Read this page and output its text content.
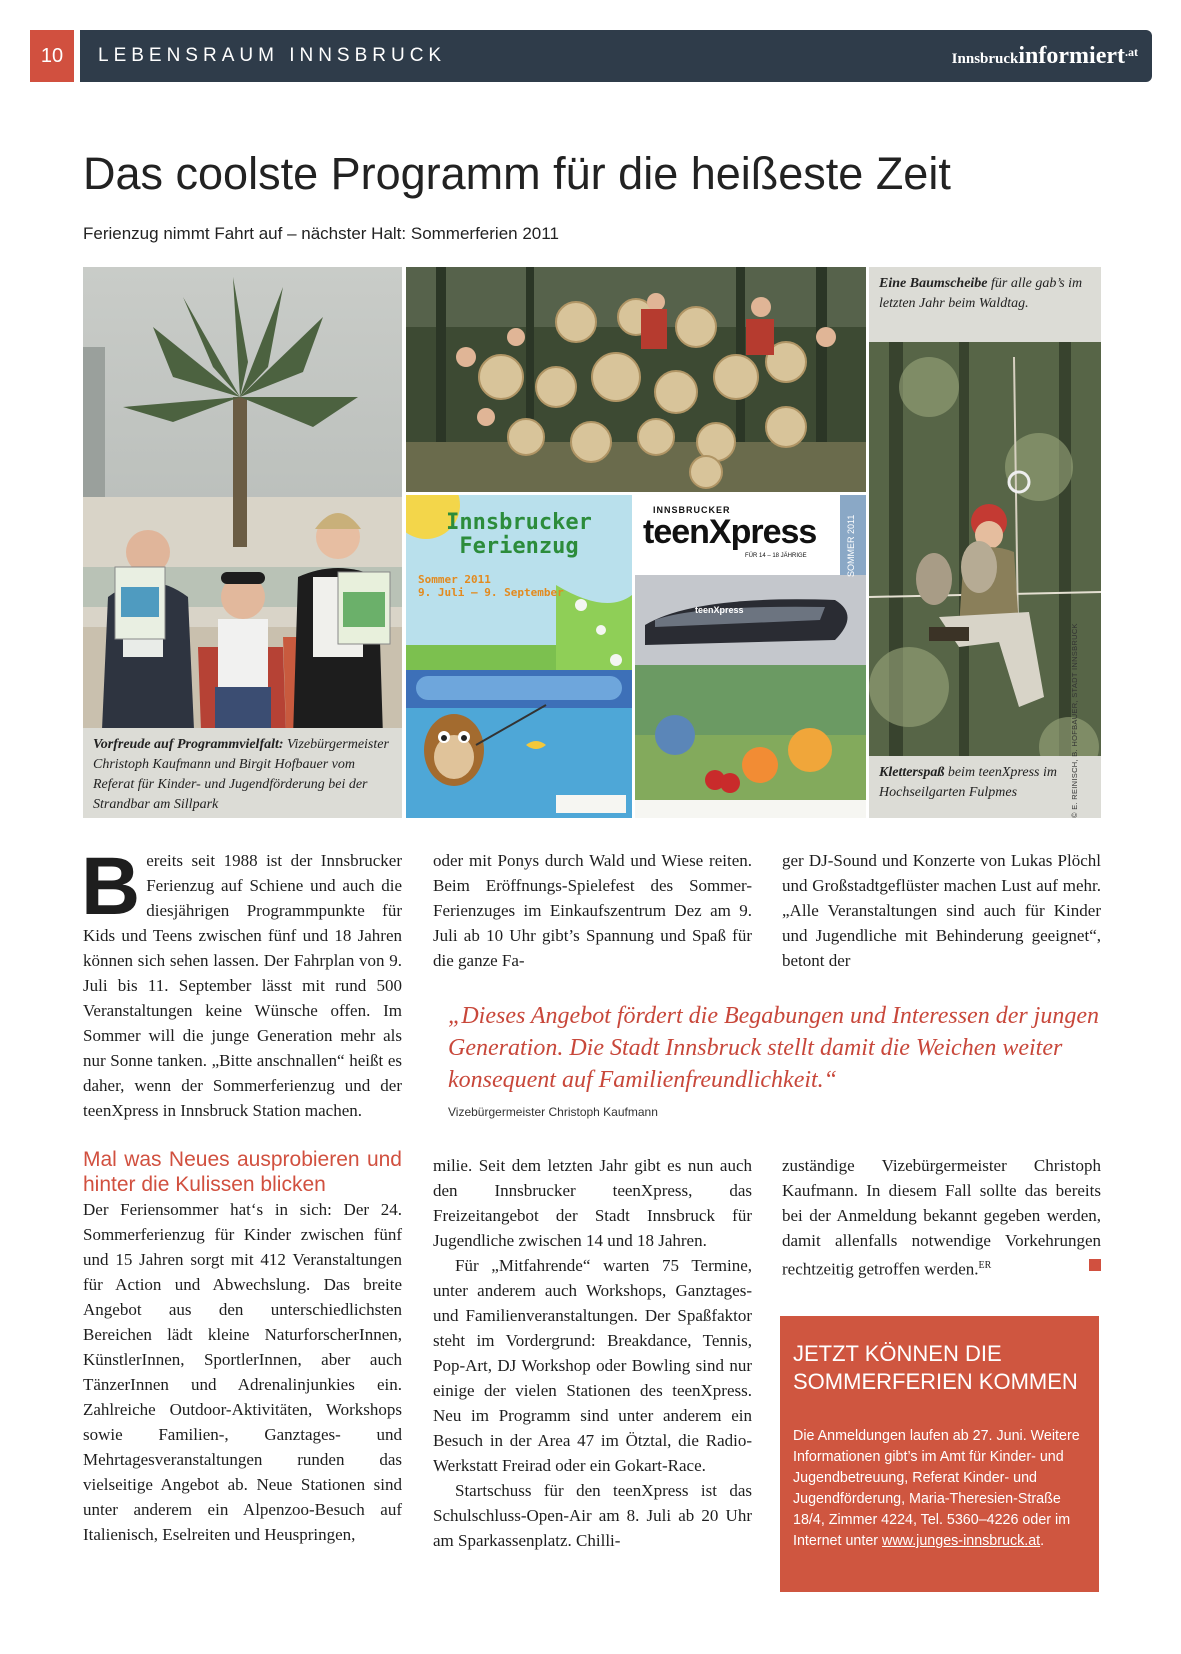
10	LEBENSRAUM INNSBRUCK	Innsbruckinformiert$^{.at}$
Das coolste Programm für die heißeste Zeit
Ferienzug nimmt Fahrt auf – nächster Halt: Sommerferien 2011
Vorfreude auf Programmvielfalt: Vizebürgermeister Christoph Kaufmann und Birgit Hofbauer vom Referat für Kinder- und Jugendförderung bei der Strandbar am Sillpark
Innsbrucker
Ferienzug
Sommer 2011
9. Juli – 9. September
INNSBRUCKER
teenXpress
FÜR 14 – 18 JÄHRIGE	SOMMER 2011
teenXpress
Eine Baumscheibe für alle gab’s im letzten Jahr beim Waldtag.
Kletterspaß beim teenXpress im Hochseilgarten Fulpmes	© E. REINISCH, B. HOFBAUER, STADT INNSBRUCK

Bereits seit 1988 ist der Innsbrucker Ferienzug auf Schiene und auch die diesjährigen Programmpunkte für Kids und Teens zwischen fünf und 18 Jahren können sich sehen lassen. Der Fahrplan von 9. Juli bis 11. September lässt mit rund 500 Veranstaltungen keine Wünsche offen. Im Sommer will die junge Generation mehr als nur Sonne tanken. „Bitte anschnallen“ heißt es daher, wenn der Sommerferienzug und der teenXpress in Innsbruck Station machen.

Mal was Neues ausprobieren und hinter die Kulissen blicken

Der Feriensommer hat‘s in sich: Der 24. Sommerferienzug für Kinder zwischen fünf und 15 Jahren sorgt mit 412 Veranstaltungen für Action und Abwechslung. Das breite Angebot aus den unterschiedlichsten Bereichen lädt kleine NaturforscherInnen, KünstlerInnen, SportlerInnen, aber auch TänzerInnen und Adrenalinjunkies ein. Zahlreiche Outdoor-Aktivitäten, Workshops sowie Familien-, Ganztages- und Mehrtagesveranstaltungen runden das vielseitige Angebot ab. Neue Stationen sind unter anderem ein Alpenzoo-Besuch auf Italienisch, Eselreiten und Heuspringen,

oder mit Ponys durch Wald und Wiese reiten. Beim Eröffnungs-Spielefest des Sommer-Ferienzuges im Einkaufszentrum Dez am 9. Juli ab 10 Uhr gibt’s Spannung und Spaß für die ganze Fa-

ger DJ-Sound und Konzerte von Lukas Plöchl und Großstadtgeflüster machen Lust auf mehr. „Alle Veranstaltungen sind auch für Kinder und Jugendliche mit Behinderung geeignet“, betont der

„Dieses Angebot fördert die Begabungen und Interessen der jungen Generation. Die Stadt Innsbruck stellt damit die Weichen weiter konsequent auf Familienfreundlichkeit.“
Vizebürgermeister Christoph Kaufmann

milie. Seit dem letzten Jahr gibt es nun auch den Innsbrucker teenXpress, das Freizeitangebot der Stadt Innsbruck für Jugendliche zwischen 14 und 18 Jahren.

Für „Mitfahrende“ warten 75 Termine, unter anderem auch Workshops, Ganztages- und Familienveranstaltungen. Der Spaßfaktor steht im Vordergrund: Breakdance, Tennis, Pop-Art, DJ Workshop oder Bowling sind nur einige der vielen Stationen des teenXpress. Neu im Programm sind unter anderem ein Besuch in der Area 47 im Ötztal, die Radio-Werkstatt Freirad oder ein Gokart-Race.

Startschuss für den teenXpress ist das Schulschluss-Open-Air am 8. Juli ab 20 Uhr am Sparkassenplatz. Chilli-

zuständige Vizebürgermeister Christoph Kaufmann. In diesem Fall sollte das bereits bei der Anmeldung bekannt gegeben werden, damit allenfalls notwendige Vorkehrungen rechtzeitig getroffen werden.$^{ER}$

JETZT KÖNNEN DIE SOMMERFERIEN KOMMEN
Die Anmeldungen laufen ab 27. Juni. Weitere Informationen gibt’s im Amt für Kinder- und Jugendbetreuung, Referat Kinder- und Jugendförderung, Maria-Theresien-Straße 18/4, Zimmer 4224, Tel. 5360–4226 oder im Internet unter www.junges-innsbruck.at.
